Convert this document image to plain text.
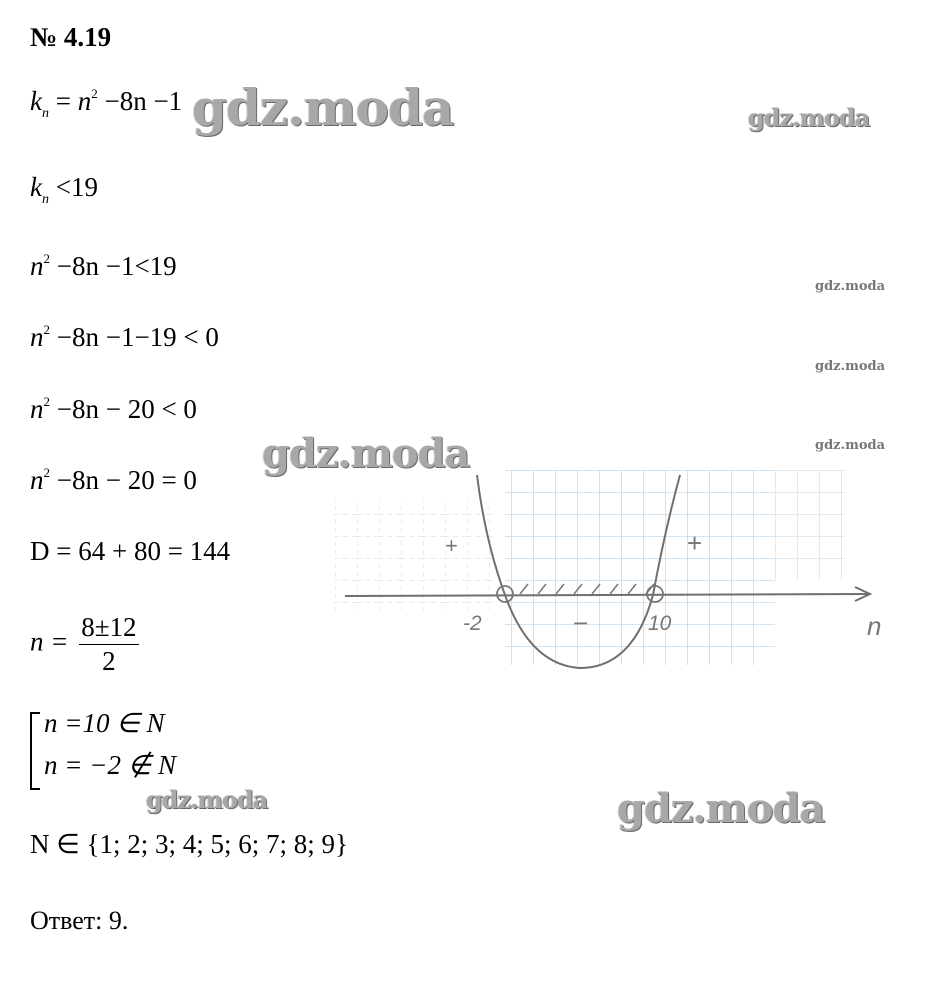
№ 4.19
$k_n = n^2 -8n -1$
$k_n <19$
$n^2 -8n -1<19$
$n^2 -8n -1-19 < 0$
$n^2 -8n - 20 < 0$
$n^2 -8n - 20 = 0$
D = 64 + 80 = 144
$n = \frac{8\pm 12}{2}$
n =10 ∈ N
n = −2 ∉ N
N ∈ {1; 2; 3; 4; 5; 6; 7; 8; 9}
Ответ: 9.
+	+
−
-2	10	n
gdz.moda	gdz.moda
gdz.moda
gdz.moda
gdz.moda
gdz.moda
gdz.moda	gdz.moda
